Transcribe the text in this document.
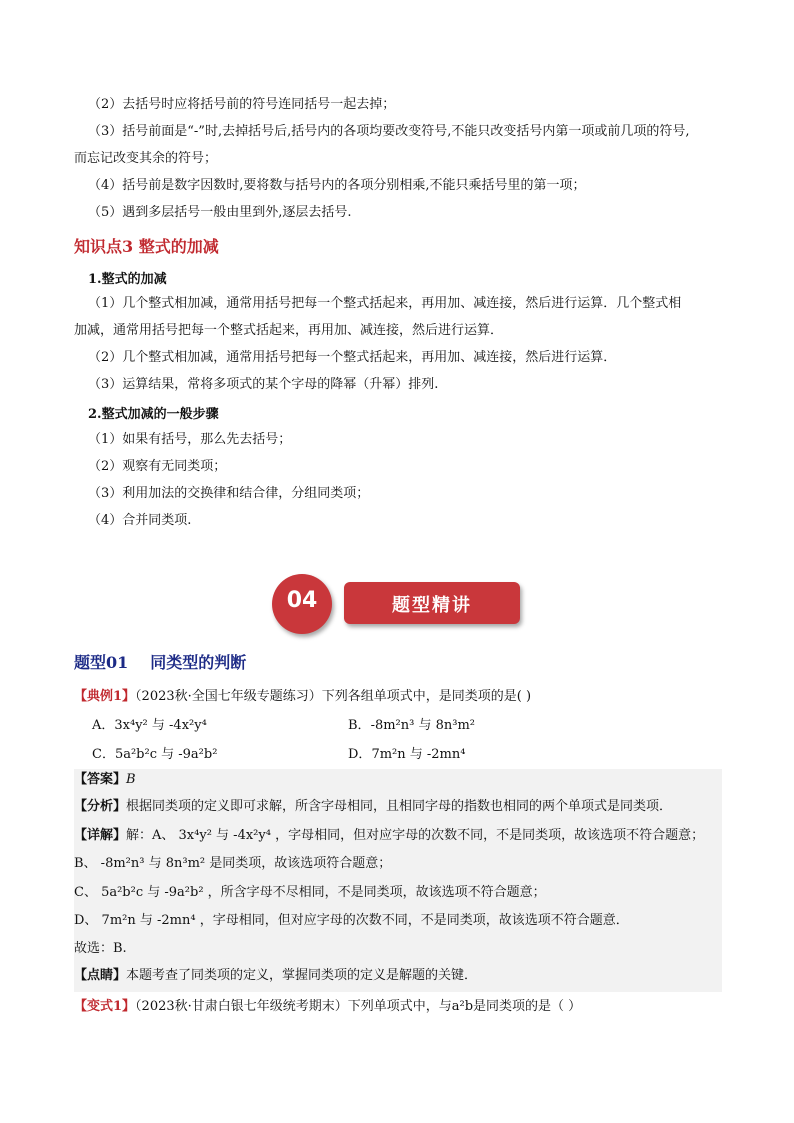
（2）去括号时应将括号前的符号连同括号一起去掉；
（3）括号前面是“-”时,去掉括号后,括号内的各项均要改变符号,不能只改变括号内第一项或前几项的符号,
而忘记改变其余的符号；
（4）括号前是数字因数时,要将数与括号内的各项分别相乘,不能只乘括号里的第一项；
（5）遇到多层括号一般由里到外,逐层去括号.
知识点3 整式的加减
1.整式的加减
（1）几个整式相加减，通常用括号把每一个整式括起来，再用加、减连接，然后进行运算．几个整式相
加减，通常用括号把每一个整式括起来，再用加、减连接，然后进行运算．
（2）几个整式相加减，通常用括号把每一个整式括起来，再用加、减连接，然后进行运算．
（3）运算结果，常将多项式的某个字母的降幂（升幂）排列.
2.整式加减的一般步骤
（1）如果有括号，那么先去括号；
（2）观察有无同类项；
（3）利用加法的交换律和结合律，分组同类项；
（4）合并同类项.
04	题型精讲
题型01 同类型的判断
【典例1】（2023秋·全国七年级专题练习）下列各组单项式中，是同类项的是( )
A．3x⁴y² 与 -4x²y⁴	B．-8m²n³ 与 8n³m²
C．5a²b²c 与 -9a²b²	D．7m²n 与 -2mn⁴
【答案】B
【分析】根据同类项的定义即可求解，所含字母相同，且相同字母的指数也相同的两个单项式是同类项．
【详解】解：A、 3x⁴y² 与 -4x²y⁴ ，字母相同，但对应字母的次数不同，不是同类项，故该选项不符合题意；
B、 -8m²n³ 与 8n³m² 是同类项，故该选项符合题意；
C、 5a²b²c 与 -9a²b² ，所含字母不尽相同，不是同类项，故该选项不符合题意；
D、 7m²n 与 -2mn⁴ ，字母相同，但对应字母的次数不同，不是同类项，故该选项不符合题意．
故选：B.
【点睛】本题考查了同类项的定义，掌握同类项的定义是解题的关键．
【变式1】（2023秋·甘肃白银七年级统考期末）下列单项式中，与a²b是同类项的是（ ）
